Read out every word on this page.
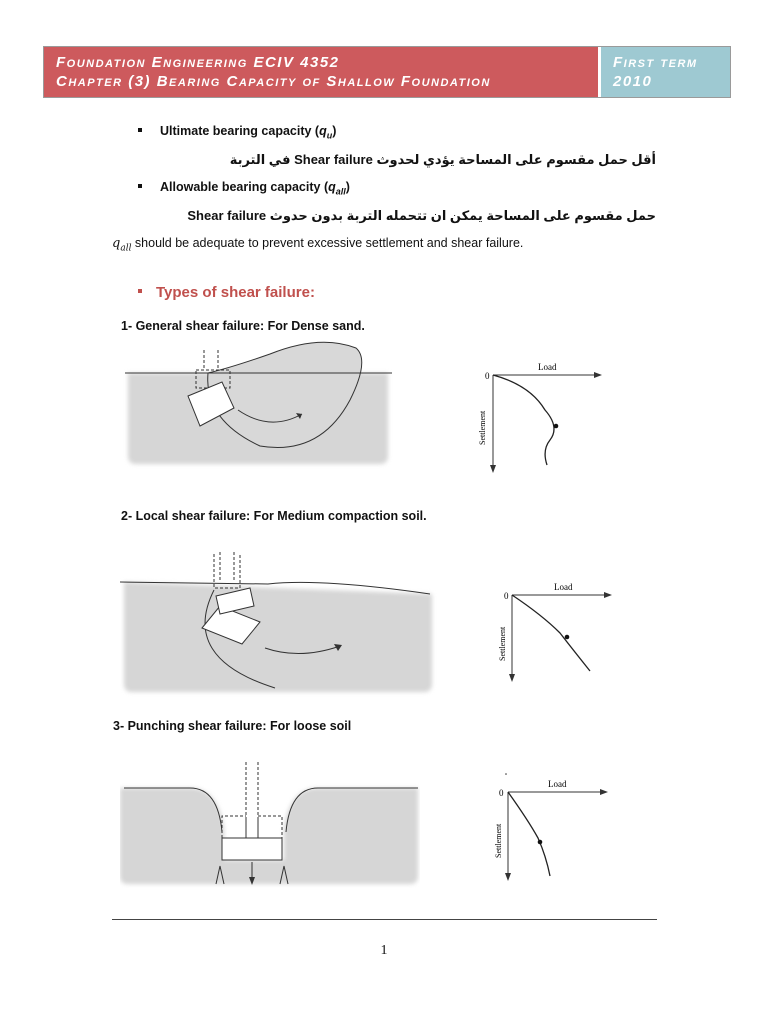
Foundation Engineering ECIV 4352
Chapter (3) Bearing Capacity of Shallow Foundation
First term
2010
Ultimate bearing capacity $(q_u)$
أقل حمل مقسوم على المساحة يؤدي لحدوث Shear failure في التربة
Allowable bearing capacity $(q_{all})$
حمل مقسوم على المساحة يمكن ان تتحمله التربة بدون حدوث Shear failure
$q_{all}$ should be adequate to prevent excessive settlement and shear failure.
Types of shear failure:
1- General shear failure: For Dense sand.
2- Local shear failure: For Medium compaction soil.
3- Punching shear failure: For loose soil
Load
0
Settlement
Load
0
Settlement
Load
0
Settlement
1
